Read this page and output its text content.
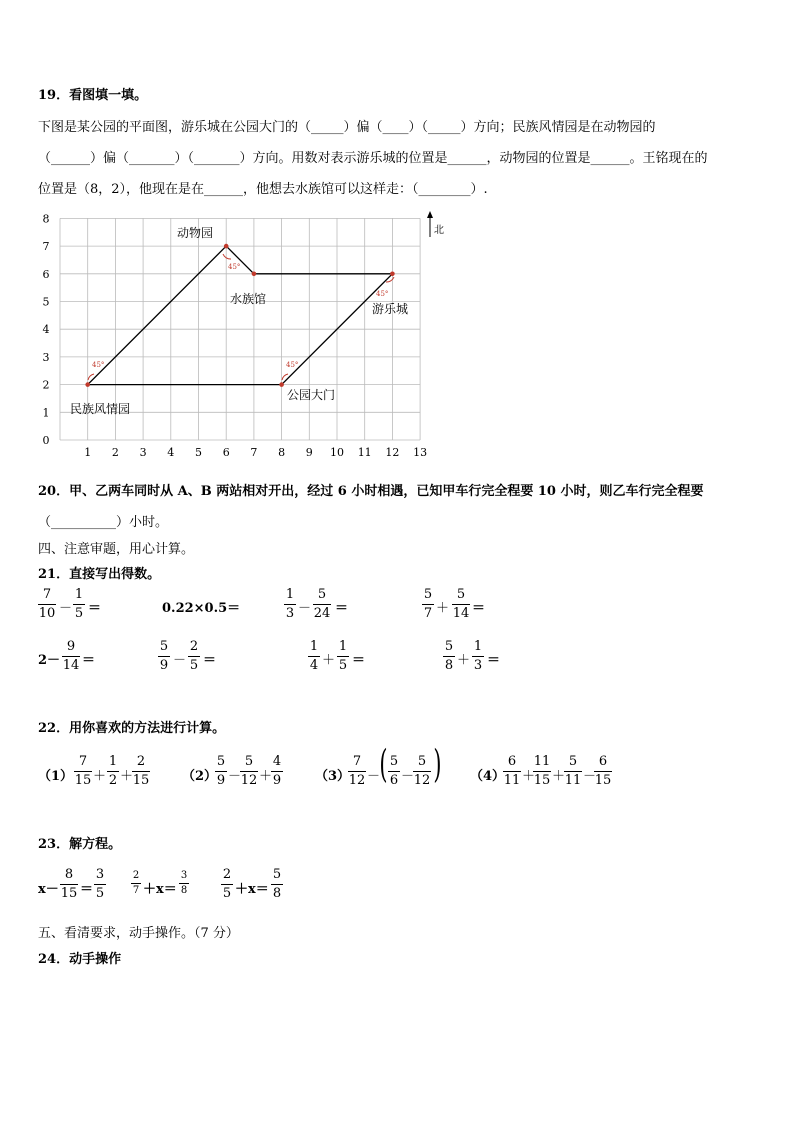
19．看图填一填。
下图是某公园的平面图，游乐城在公园大门的（_____）偏（____）（_____）方向；民族风情园是在动物园的
（______）偏（_______）（_______）方向。用数对表示游乐城的位置是______，动物园的位置是______。王铭现在的
位置是（8，2），他现在是在______，他想去水族馆可以这样走：（________）.
1 2 3 4 5 6 7 8 9 10 11 12 13
0
1
2
3
4
5
6
7
8
北
动物园
水族馆
游乐城
民族风情园
公园大门
45°	45°
45°
45°
20．甲、乙两车同时从 A、B 两站相对开出，经过 6 小时相遇，已知甲车行完全程要 10 小时，则乙车行完全程要
（__________）小时。
四、注意审题，用心计算。
21．直接写出得数。
7
10 －
1
5 ＝	0.22×0.5＝
1
3 －
5
24 ＝
5
7 ＋
5
14 ＝
2－
9
14 ＝
5
9 －
2
5 ＝
1
4 ＋
1
5 ＝
5
8 ＋
1
3 ＝
22．用你喜欢的方法进行计算。
（1）
7
15 ＋
1
2 ＋
2
15	（2）
5
9 －
5
12 ＋
4
9	（3）
7
12 － ( 5
6 －
5
12 ) （4）
6
11 ＋
11
15 ＋
5
11 －
6
15
23．解方程。
x－
8
15 ＝
3
5
2
7 ＋x＝
3
8
2
5 ＋x＝
5
8
五、看清要求，动手操作。（7 分）
24．动手操作
